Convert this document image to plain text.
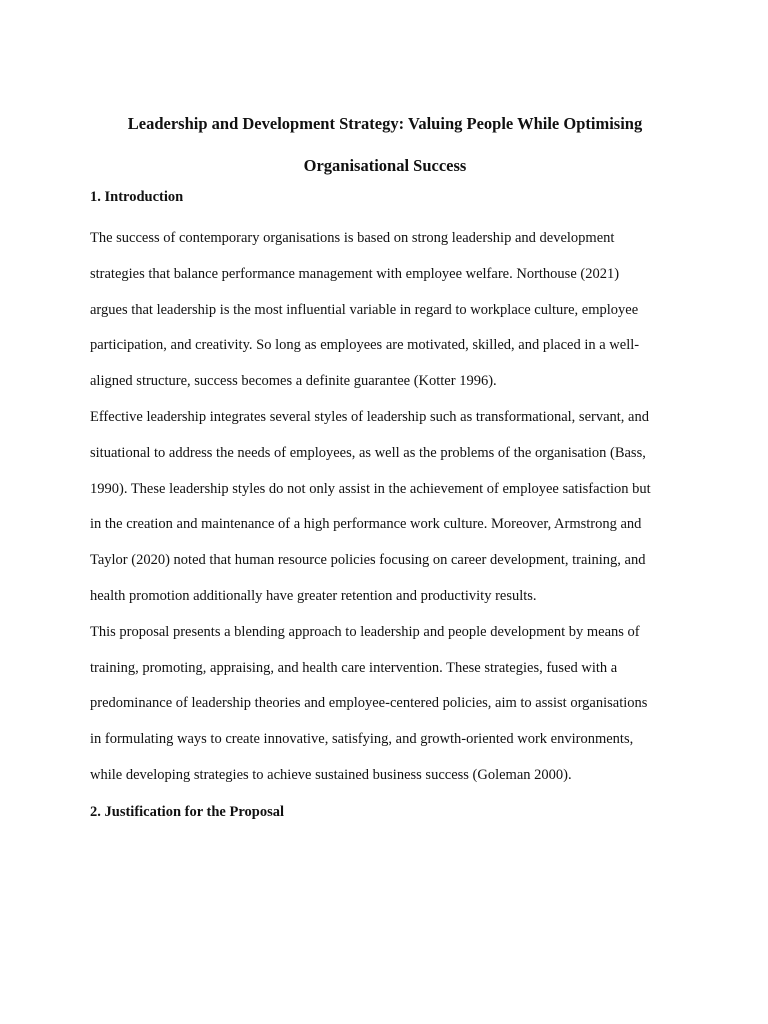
Leadership and Development Strategy: Valuing People While Optimising

Organisational Success

1. Introduction

The success of contemporary organisations is based on strong leadership and development
strategies that balance performance management with employee welfare. Northouse (2021)
argues that leadership is the most influential variable in regard to workplace culture, employee
participation, and creativity. So long as employees are motivated, skilled, and placed in a well-
aligned structure, success becomes a definite guarantee (Kotter 1996).

Effective leadership integrates several styles of leadership such as transformational, servant, and
situational to address the needs of employees, as well as the problems of the organisation (Bass,
1990). These leadership styles do not only assist in the achievement of employee satisfaction but
in the creation and maintenance of a high performance work culture. Moreover, Armstrong and
Taylor (2020) noted that human resource policies focusing on career development, training, and
health promotion additionally have greater retention and productivity results.

This proposal presents a blending approach to leadership and people development by means of
training, promoting, appraising, and health care intervention. These strategies, fused with a
predominance of leadership theories and employee-centered policies, aim to assist organisations
in formulating ways to create innovative, satisfying, and growth-oriented work environments,
while developing strategies to achieve sustained business success (Goleman 2000).

2. Justification for the Proposal
